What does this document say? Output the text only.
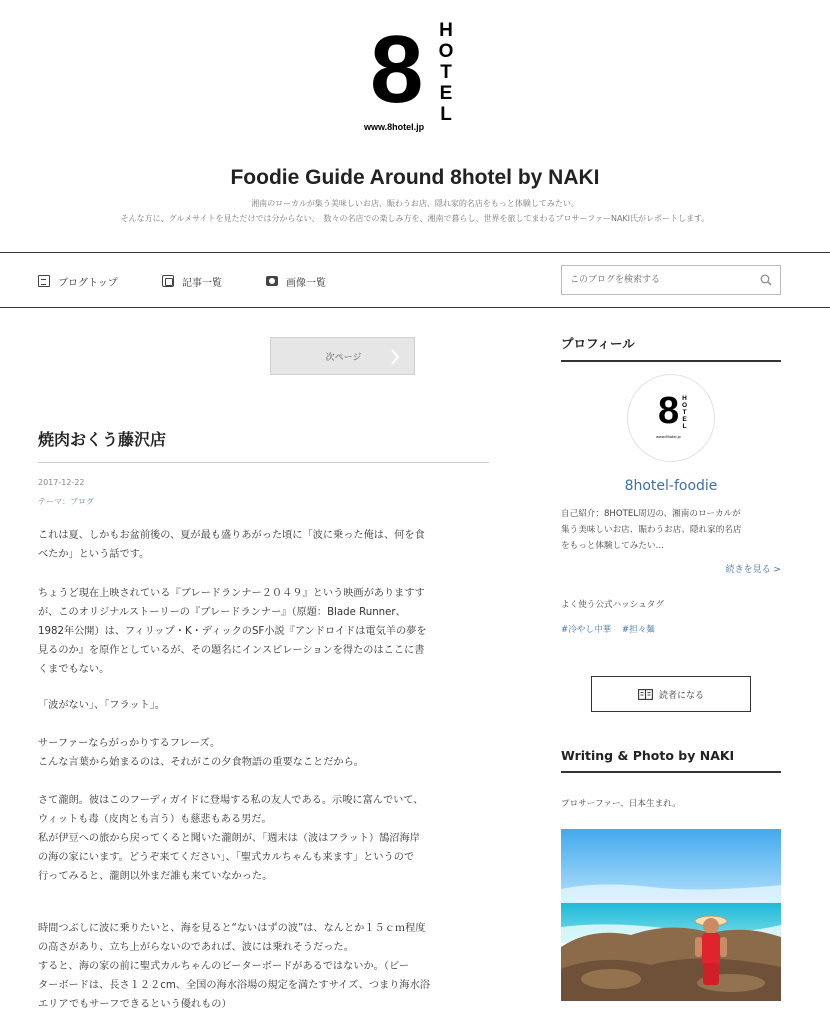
8 HOTEL
www.8hotel.jp
Foodie Guide Around 8hotel by NAKI
湘南のローカルが集う美味しいお店、賑わうお店、隠れ家的名店をもっと体験してみたい。
そんな方に、グルメサイトを見ただけでは分からない、　数々の名店での楽しみ方を、湘南で暮らし、世界を旅してまわるプロサーファーNAKI氏がレポートします。
ブログトップ	記事一覧	画像一覧
このブログを検索する
次ページ
焼肉おくう藤沢店
2017-12-22
テーマ：ブログ
これは夏、しかもお盆前後の、夏が最も盛りあがった頃に「波に乗った俺は、何を食
べたか」という話です。
ちょうど現在上映されている『ブレードランナー２０４９』という映画がありますす
が、このオリジナルストーリーの『ブレードランナー』（原題：Blade Runner、
1982年公開）は、フィリップ・K・ディックのSF小説『アンドロイドは電気羊の夢を
見るのか』を原作としているが、その題名にインスピレーションを得たのはここに書
くまでもない。
「波がない」、「フラット」。
サーファーならがっかりするフレーズ。
こんな言葉から始まるのは、それがこの夕食物語の重要なことだから。
さて瀧朗。彼はこのフーディガイドに登場する私の友人である。示唆に富んでいて、
ウィットも毒（皮肉とも言う）も慈悲もある男だ。
私が伊豆への旅から戻ってくると聞いた瀧朗が、「週末は（波はフラット）鵠沼海岸
の海の家にいます。どうぞ来てください」、「聖式カルちゃんも来ます」というので
行ってみると、瀧朗以外まだ誰も来ていなかった。
時間つぶしに波に乗りたいと、海を見ると“ないはずの波”は、なんとか１５ｃｍ程度
の高さがあり、立ち上がらないのであれば、波には乗れそうだった。
すると、海の家の前に聖式カルちゃんのビーターボードがあるではないか。（ビー
ターボードは、長さ１２２cm、全国の海水浴場の規定を満たすサイズ、つまり海水浴
エリアでもサーフできるという優れもの）
プロフィール
8 HOTEL
www.8hotel.jp
8hotel-foodie
自己紹介：8HOTEL周辺の、湘南のローカルが
集う美味しいお店、賑わうお店、隠れ家的名店
をもっと体験してみたい…
続きを見る >
よく使う公式ハッシュタグ
#冷やし中華 #担々麺
読者になる
Writing & Photo by NAKI
プロサーファー、日本生まれ。
